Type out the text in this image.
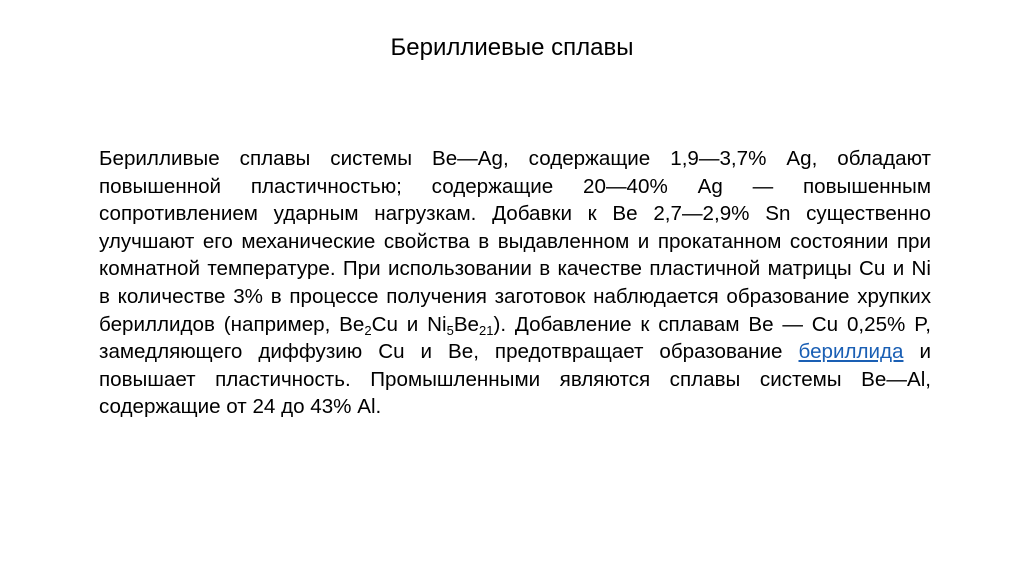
Бериллиевые сплавы

Берилливые сплавы системы Be—Ag, содержащие 1,9—3,7% Ag, обладают повышенной пластичностью; содержащие 20—40% Ag — повышенным сопротивлением ударным нагрузкам. Добавки к Be 2,7—2,9% Sn существенно улучшают его механические свойства в выдавленном и прокатанном состоянии при комнатной температуре. При использовании в качестве пластичной матрицы Cu и Ni в количестве 3% в процессе получения заготовок наблюдается образование хрупких бериллидов (например, $Be_2Cu$ и $Ni_5Be_{21}$). Добавление к сплавам Be — Cu 0,25% P, замедляющего диффузию Cu и Be, предотвращает образование бериллида и повышает пластичность. Промышленными являются сплавы системы Be—Al, содержащие от 24 до 43% Al.
